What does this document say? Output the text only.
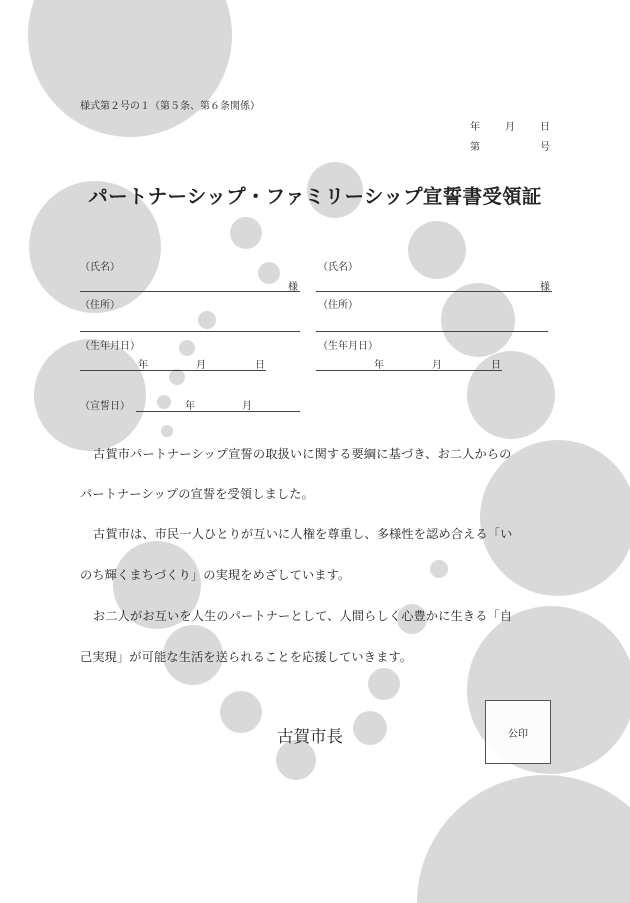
様式第２号の１（第５条、第６条関係）
年	月	日
第	号
パートナーシップ・ファミリーシップ宣誓書受領証
（氏名）
様
（住所）
（生年月日）
年	月	日
（氏名）
様
（住所）
（生年月日）
年	月	日
（宣誓日）	年	月
古賀市パートナーシップ宣誓の取扱いに関する要綱に基づき、お二人からの
パートナーシップの宣誓を受領しました。
古賀市は、市民一人ひとりが互いに人権を尊重し、多様性を認め合える「い
のち輝くまちづくり」の実現をめざしています。
お二人がお互いを人生のパートナーとして、人間らしく心豊かに生きる「自
己実現」が可能な生活を送られることを応援していきます。
古賀市長	公印
